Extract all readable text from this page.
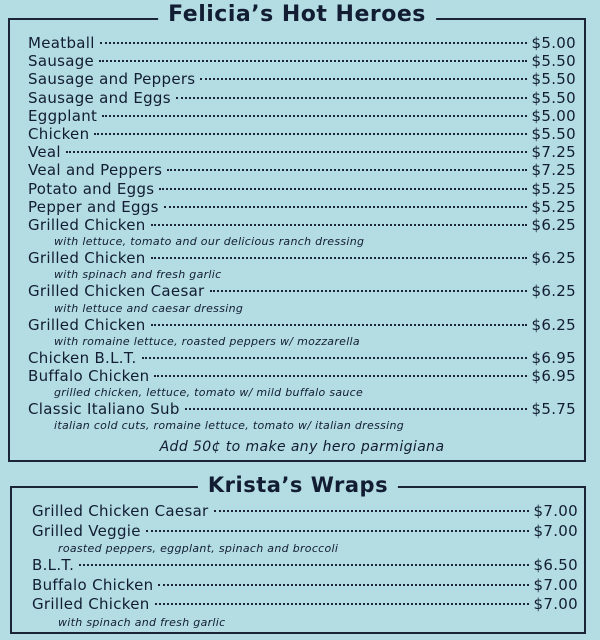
Felicia’s Hot Heroes
Meatball	$5.00
Sausage	$5.50
Sausage and Peppers	$5.50
Sausage and Eggs	$5.50
Eggplant	$5.00
Chicken	$5.50
Veal	$7.25
Veal and Peppers	$7.25
Potato and Eggs	$5.25
Pepper and Eggs	$5.25
Grilled Chicken	$6.25
with lettuce, tomato and our delicious ranch dressing
Grilled Chicken	$6.25
with spinach and fresh garlic
Grilled Chicken Caesar	$6.25
with lettuce and caesar dressing
Grilled Chicken	$6.25
with romaine lettuce, roasted peppers w/ mozzarella
Chicken B.L.T.	$6.95
Buffalo Chicken	$6.95
grilled chicken, lettuce, tomato w/ mild buffalo sauce
Classic Italiano Sub	$5.75
italian cold cuts, romaine lettuce, tomato w/ italian dressing
Add 50¢ to make any hero parmigiana
Krista’s Wraps
Grilled Chicken Caesar	$7.00
Grilled Veggie	$7.00
roasted peppers, eggplant, spinach and broccoli
B.L.T.	$6.50
Buffalo Chicken	$7.00
Grilled Chicken	$7.00
with spinach and fresh garlic
